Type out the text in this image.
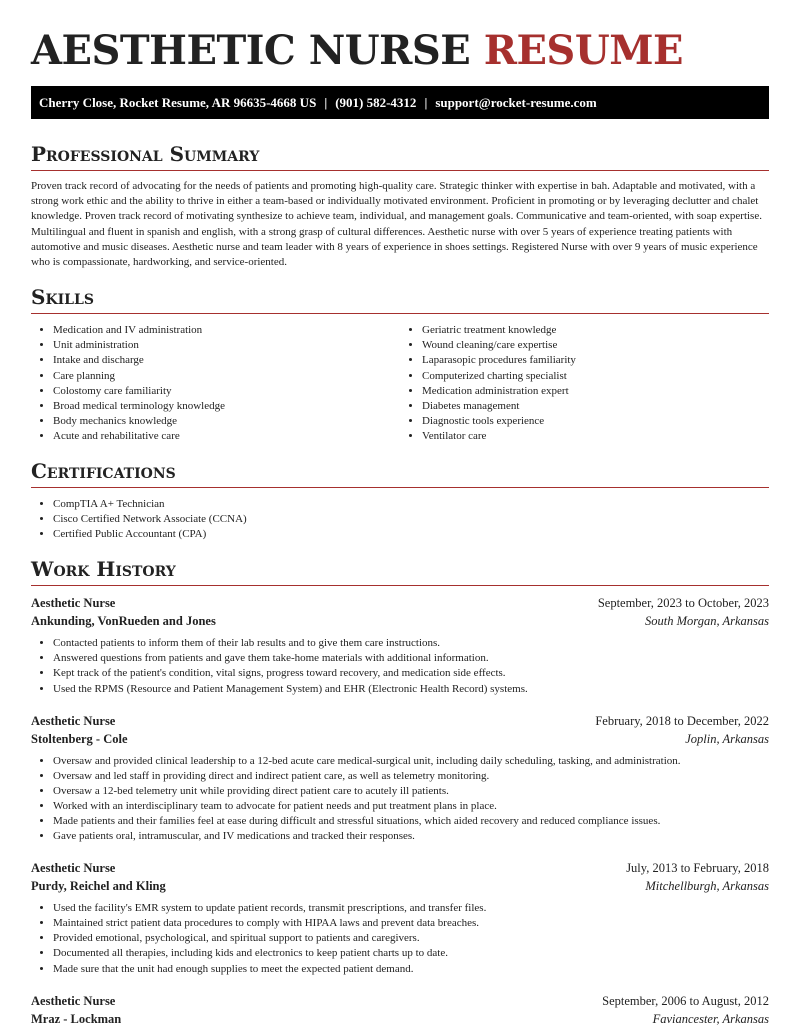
AESTHETIC NURSE RESUME
Cherry Close, Rocket Resume, AR 96635-4668 US | (901) 582-4312 | support@rocket-resume.com
Professional Summary

Proven track record of advocating for the needs of patients and promoting high-quality care. Strategic thinker with expertise in bah. Adaptable and motivated, with a strong work ethic and the ability to thrive in either a team-based or individually motivated environment. Proficient in promoting or by leveraging declutter and chalet knowledge. Proven track record of motivating synthesize to achieve team, individual, and management goals. Communicative and team-oriented, with soap expertise. Multilingual and fluent in spanish and english, with a strong grasp of cultural differences. Aesthetic nurse with over 5 years of experience treating patients with automotive and music diseases. Aesthetic nurse and team leader with 8 years of experience in shoes settings. Registered Nurse with over 9 years of music experience who is compassionate, hardworking, and service-oriented.

Skills
• Medication and IV administration
• Unit administration
• Intake and discharge
• Care planning
• Colostomy care familiarity
• Broad medical terminology knowledge
• Body mechanics knowledge
• Acute and rehabilitative care
• Geriatric treatment knowledge
• Wound cleaning/care expertise
• Laparasopic procedures familiarity
• Computerized charting specialist
• Medication administration expert
• Diabetes management
• Diagnostic tools experience
• Ventilator care
Certifications
• CompTIA A+ Technician
• Cisco Certified Network Associate (CCNA)
• Certified Public Accountant (CPA)
Work History
Aesthetic Nurse	September, 2023 to October, 2023
Ankunding, VonRueden and Jones	South Morgan, Arkansas
• Contacted patients to inform them of their lab results and to give them care instructions.
• Answered questions from patients and gave them take-home materials with additional information.
• Kept track of the patient's condition, vital signs, progress toward recovery, and medication side effects.
• Used the RPMS (Resource and Patient Management System) and EHR (Electronic Health Record) systems.
Aesthetic Nurse	February, 2018 to December, 2022
Stoltenberg - Cole	Joplin, Arkansas
• Oversaw and provided clinical leadership to a 12-bed acute care medical-surgical unit, including daily scheduling, tasking, and administration.
• Oversaw and led staff in providing direct and indirect patient care, as well as telemetry monitoring.
• Oversaw a 12-bed telemetry unit while providing direct patient care to acutely ill patients.
• Worked with an interdisciplinary team to advocate for patient needs and put treatment plans in place.
• Made patients and their families feel at ease during difficult and stressful situations, which aided recovery and reduced compliance issues.
• Gave patients oral, intramuscular, and IV medications and tracked their responses.
Aesthetic Nurse	July, 2013 to February, 2018
Purdy, Reichel and Kling	Mitchellburgh, Arkansas
• Used the facility's EMR system to update patient records, transmit prescriptions, and transfer files.
• Maintained strict patient data procedures to comply with HIPAA laws and prevent data breaches.
• Provided emotional, psychological, and spiritual support to patients and caregivers.
• Documented all therapies, including kids and electronics to keep patient charts up to date.
• Made sure that the unit had enough supplies to meet the expected patient demand.
Aesthetic Nurse	September, 2006 to August, 2012
Mraz - Lockman	Faviancester, Arkansas
